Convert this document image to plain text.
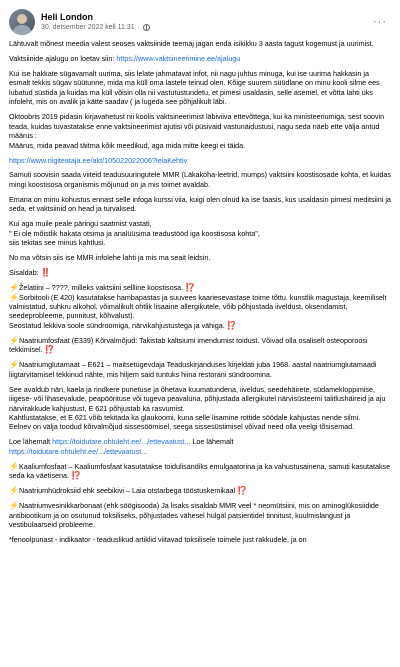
Heli London
30. detsember 2022 kell 11:31 ·	···
Lähtuvalt mõnest meedia valest seoses vaktsiinide teemaj jagan enda isikikku 3 aasta tagust kogemust ja uurimist.
Vaktsiinide ajalugu on loetav siin: https://www.vaktsineerimine.ee/ajalugu
Kui ise hakkate sügavamalt uurima, siis lelate jahmatavat infot, nii nagu juhtus minuga, kui ise uurima hakkasin ja esmalt tekkis sügav süütunne, mida ma küll oma lastele teinud olen. Kõige suurem süüdlane on minu kooli silme ees lubatud süstida ja kuidas ma küll võisin olla nii vastutustundetu, et pimesi usaldasin, selle asemel, et võtta lahti üks infoleht, mis on avalik ja kätte saadav ( ja lugeda see põhjalikult läbi.
Oktoobris 2019 pidasin kirjavahetust nii koolis vaktsineerimist läbiviiva ettevõttega, kui ka ministeeriumiga, sest soovin teada, kuidas tuvastatakse enne vaktsineerimist ajutisi või püsivaid vastunäidustusi, nagu seda näeb ette välja antud määrus :
Määrus, mida peavad täitma kõik meedikud, aga mida mitte keegi ei täida.
https://www.riigiteataja.ee/akt/105022022006?leiaKehtiv
Samuti soovisin saada viiteid teadusuuringutele MMR (Läkakoha-leetrid, mumps) vaktsiini koostisosade kohta, et kuidas mingi koostisosa organismis mõjunud on ja mis toimet avaldab.
Emana on minu kohustus ennast selle infoga kurssi viia, kuigi olen olnud ka ise faasis, kus usaldasin pimesi meditsiini ja seda, et vaktsiinid on head ja turvalised.
Kui aga muile peale päringu saatmist vastati,
" Ei ole mõistlik hakata otsima ja analüüsima teadustööd iga koostisosa kohta",
siis tekitas see minus kahtlusi.
No ma võtsin siis ise MMR infolehe lahti ja mis ma seait leidsin.
Sisaldab: ‼️
⚡Želatiini – ????, milleks vaktsiini sellline koostisosa. ⁉️
⚡Sorbitooli (E 420) kasutatakse hambapastas ja suuvees kaariesevastase toime tõttu. kunstlik magustaja, keemiliselt valmistatud, suhkru alkohol, võimalikult ohtlik lisaaine allergikutele, võib põhjustada iiveldust, oksendamist, seedeprobleeme, punnitust, kõhvalust).
Seostatud lekkiva soole sündroomiga, närvikahjustustega ja vähiga. ⁉️
⚡Naatriumfosfaat (E339) Kõrvalmõjud: Takistab kaltsiumi imendumist toidust. Võivad olla osaliselt osteoporoosi tekkimisel. ⁉️
⚡Naatriumglutamaat – E621 – maitsetugevdaja Teaduskirjanduses kirjeldati juba 1968. aastal naatriumglutamaadi liigtarvitamisel tekkinud nähte, mis hiljem said tuntuks hiina restorani sündroomina.
See avaldub nän, kaela ja rindkere punetuse ja õhetava kuumatundena, iiveldus, seedehäirete, südamekloppimise, iiigese- või lihasevalude, peapöörituse või tugeva peavaluna, põhjustada allergikutel närvisüsteemi talitlushäireid ja aju närvirakkude kahjustust, E 621 põhjustab ka rasvumist.
Kahtlustatakse, et E 621 võib tekitada ka glaukoomi, kuna selle lisamine rottide söödale kahjustas nende silmi.
Eelnev on välja toodud kõrvalmõjud sissesöömisel, seega sissesüstimisel võivad need olla veelgi tõsisemad.
Loe lähemalt https://toidutare.ohtuleht.ee/.../ettevaatust... Loe lähemalt
https://toidutare.ohtuleht.ee/.../ettevaatust...
⚡Kaaliumfosfaat – Kaaliumfosfaat kasutatakse toidulisandiks emulgaatorina ja ka vahustusainena, samuti kasutatakse seda ka väetisena. ⁉️
⚡Naatriumhüdroksiid ehk seebikivi – Laia otstarbega tööstuskemikaal ⁉️
⚡Naatriumvesinikkarbonaat (ehk söögisooda) Ja lisaks sisaldab MMR veel * neomütsiini, mis on aminoglükosiidide antibiootikum ja on osutunud toksiliseks, põhjustades vähesel hulgal patsientidel tinnitust, kuulmislangust ja vestibulaarseid probleeme.
*fenoolpunast - indikaator - teaduslikud artiklid viitavad toksilisele toimele just rakkudele, ja on
